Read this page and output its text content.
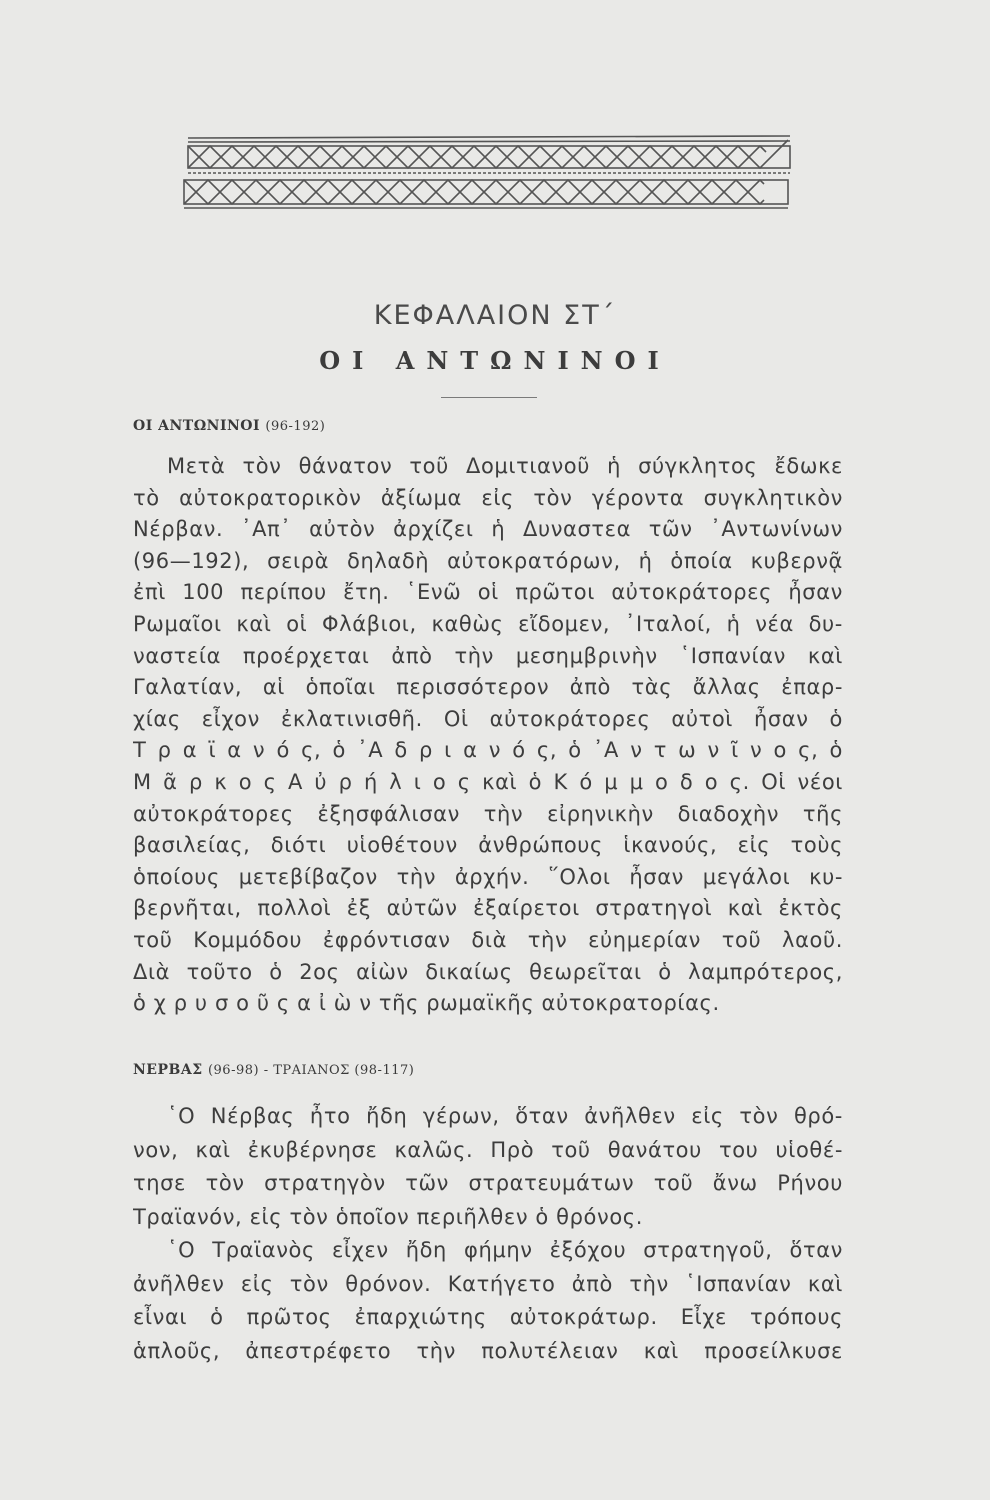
ΚΕΦΑΛΑΙΟΝ ΣΤ΄
ΟΙ ΑΝΤΩΝΙΝΟΙ
ΟΙ ΑΝΤΩΝΙΝΟΙ (96-192)
Μετὰ τὸν θάνατον τοῦ Δομιτιανοῦ ἡ σύγκλητος ἔδωκε
τὸ αὐτοκρατορικὸν ἀξίωμα εἰς τὸν γέροντα συγκλητικὸν
Νέρβαν. ᾿Απ᾿ αὐτὸν ἀρχίζει ἡ Δυναστεα τῶν ᾿Αντωνίνων
(96—192), σειρὰ δηλαδὴ αὐτοκρατόρων, ἡ ὁποία κυβερνᾷ
ἐπὶ 100 περίπου ἔτη. ῾Ενῶ οἱ πρῶτοι αὐτοκράτορες ἦσαν
Ρωμαῖοι καὶ οἱ Φλάβιοι, καθὼς εἴδομεν, ᾿Ιταλοί, ἡ νέα δυ-
ναστεία προέρχεται ἀπὸ τὴν μεσημβρινὴν ῾Ισπανίαν καὶ
Γαλατίαν, αἱ ὁποῖαι περισσότερον ἀπὸ τὰς ἄλλας ἐπαρ-
χίας εἶχον ἐκλατινισθῆ. Οἱ αὐτοκράτορες αὐτοὶ ἦσαν ὁ
Τ ρ α ϊ α ν ό ς, ὁ ᾿Α δ ρ ι α ν ό ς, ὁ ᾿Α ν τ ω ν ῖ ν ο ς, ὁ
Μ ᾶ ρ κ ο ς Α ὐ ρ ή λ ι ο ς καὶ ὁ Κ ό μ μ ο δ ο ς. Οἱ νέοι
αὐτοκράτορες ἐξησφάλισαν τὴν εἰρηνικὴν διαδοχὴν τῆς
βασιλείας, διότι υἱοθέτουν ἀνθρώπους ἱκανούς, εἰς τοὺς
ὁποίους μετεβίβαζον τὴν ἀρχήν. ῞Ολοι ἦσαν μεγάλοι κυ-
βερνῆται, πολλοὶ ἐξ αὐτῶν ἐξαίρετοι στρατηγοὶ καὶ ἐκτὸς
τοῦ Κομμόδου ἐφρόντισαν διὰ τὴν εὐημερίαν τοῦ λαοῦ.
Διὰ τοῦτο ὁ 2ος αἰὼν δικαίως θεωρεῖται ὁ λαμπρότερος,
ὁ χ ρ υ σ ο ῦ ς α ἰ ὼ ν τῆς ρωμαϊκῆς αὐτοκρατορίας.
ΝΕΡΒΑΣ (96-98) - ΤΡΑΙΑΝΟΣ (98-117)
῾Ο Νέρβας ἦτο ἤδη γέρων, ὅταν ἀνῆλθεν εἰς τὸν θρό-
νον, καὶ ἐκυβέρνησε καλῶς. Πρὸ τοῦ θανάτου του υἱοθέ-
τησε τὸν στρατηγὸν τῶν στρατευμάτων τοῦ ἄνω Ρήνου
Τραϊανόν, εἰς τὸν ὁποῖον περιῆλθεν ὁ θρόνος.
῾Ο Τραϊανὸς εἶχεν ἤδη φήμην ἐξόχου στρατηγοῦ, ὅταν
ἀνῆλθεν εἰς τὸν θρόνον. Κατήγετο ἀπὸ τὴν ῾Ισπανίαν καὶ
εἶναι ὁ πρῶτος ἐπαρχιώτης αὐτοκράτωρ. Εἶχε τρόπους
ἁπλοῦς, ἀπεστρέφετο τὴν πολυτέλειαν καὶ προσείλκυσε
